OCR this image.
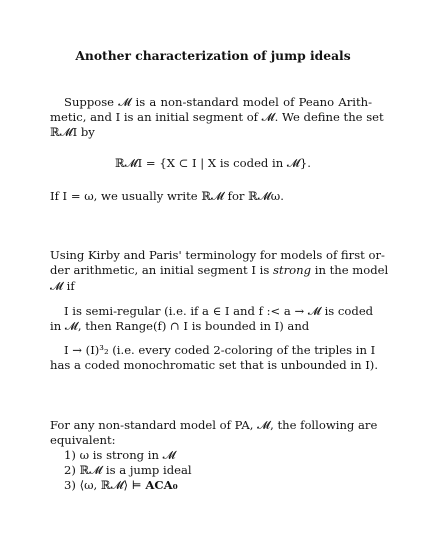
Another characterization of jump ideals
Suppose 𝓜 is a non-standard model of Peano Arith-
metic, and I is an initial segment of 𝓜. We define the set
ℝ𝓜I by
ℝ𝓜I = {X ⊂ I | X is coded in 𝓜}.
If I = ω, we usually write ℝ𝓜 for ℝ𝓜ω.
Using Kirby and Paris' terminology for models of first or-
der arithmetic, an initial segment I is strong in the model
𝓜 if
I is semi-regular (i.e. if a ∈ I and f :< a → 𝓜 is coded
in 𝓜, then Range(f) ∩ I is bounded in I) and
I → (I)³₂ (i.e. every coded 2-coloring of the triples in I
has a coded monochromatic set that is unbounded in I).
For any non-standard model of PA, 𝓜, the following are
equivalent:
1) ω is strong in 𝓜
2) ℝ𝓜 is a jump ideal
3) ⟨ω, ℝ𝓜⟩ ⊨ ACA₀
